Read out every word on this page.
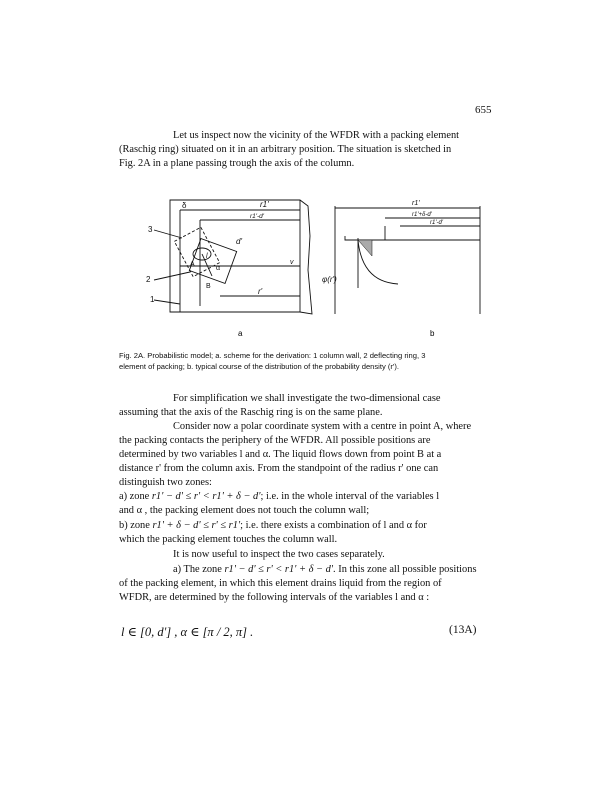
655

Let us inspect now the vicinity of the WFDR with a packing element
(Raschig ring) situated on it in an arbitrary position. The situation is sketched in
Fig. 2A in a plane passing trough the axis of the column.

δ	r1'
r1'-d'
d'
l
α
A
B
v
r'
3
2
1
r1'
r1'+δ-d'
r1'-d'
φ(r')
a	b
Fig. 2A. Probabilistic model; a. scheme for the derivation: 1 column wall, 2 deflecting ring, 3
element of packing; b. typical course of the distribution of the probability density (r').

For simplification we shall investigate the two-dimensional case
assuming that the axis of the Raschig ring is on the same plane.

Consider now a polar coordinate system with a centre in point A, where
the packing contacts the periphery of the WFDR. All possible positions are
determined by two variables l and α. The liquid flows down from point B at a
distance r' from the column axis. From the standpoint of the radius r' one can
distinguish two zones:

a) zone r1' − d' ≤ r' < r1' + δ − d'; i.e. in the whole interval of the variables l
and α , the packing element does not touch the column wall;

b) zone r1' + δ − d' ≤ r' ≤ r1'; i.e. there exists a combination of l and α for
which the packing element touches the column wall.

It is now useful to inspect the two cases separately.

a) The zone r1' − d' ≤ r' < r1' + δ − d'. In this zone all possible positions
of the packing element, in which this element drains liquid from the region of
WFDR, are determined by the following intervals of the variables l and α :

l ∈ [0, d'] , α ∈ [π / 2, π] .	(13A)
